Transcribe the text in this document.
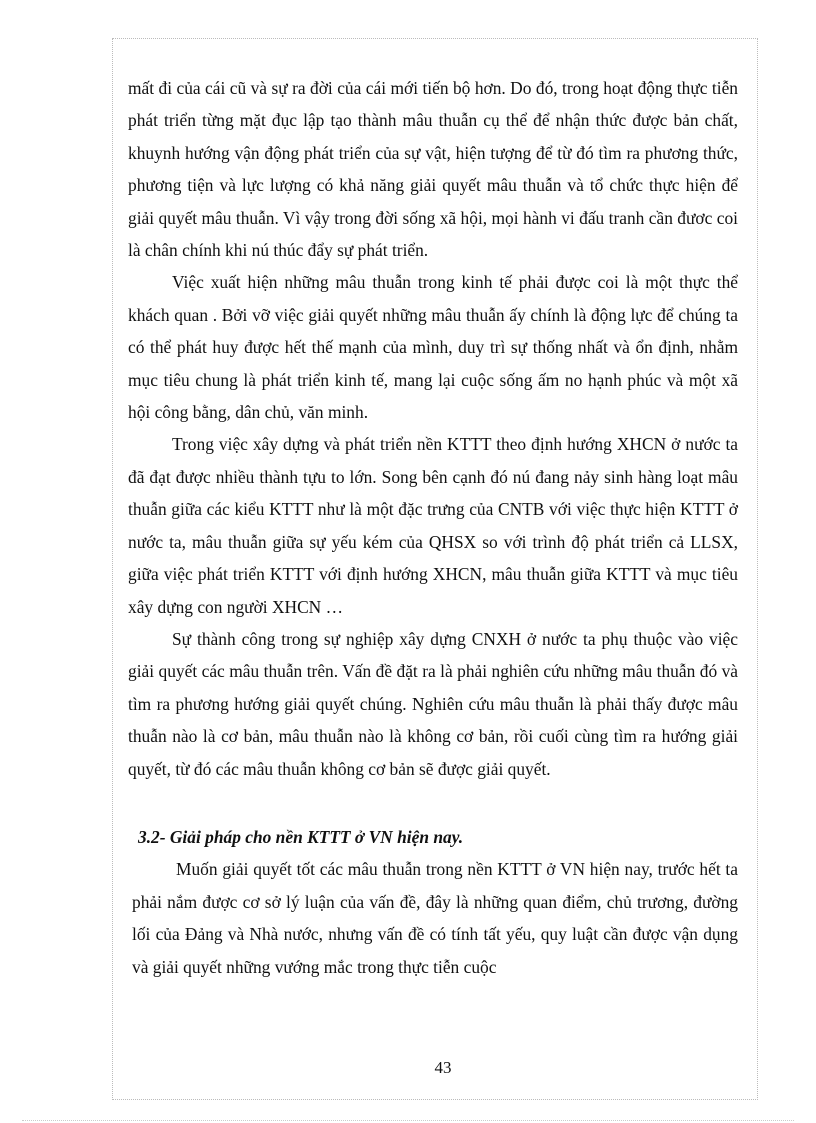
mất đi của cái cũ và sự ra đời của cái mới tiến bộ hơn. Do đó, trong hoạt động thực tiễn phát triển từng mặt đục lập tạo thành mâu thuẫn cụ thể để nhận thức được bản chất, khuynh hướng vận động phát triển của sự vật, hiện tượng để từ đó tìm ra phương thức, phương tiện và lực lượng có khả năng giải quyết mâu thuẫn và tổ chức thực hiện để giải quyết mâu thuẫn. Vì vậy trong đời sống xã hội, mọi hành vi đấu tranh cần đươc coi là chân chính khi nú thúc đẩy sự phát triển.

Việc xuất hiện những mâu thuẫn trong kinh tế phải được coi là một thực thể khách quan . Bởi vỡ việc giải quyết những mâu thuẫn ấy chính là động lực để chúng ta có thể phát huy được hết thế mạnh của mình, duy trì sự thống nhất và ổn định, nhằm mục tiêu chung là phát triển kinh tế, mang lại cuộc sống ấm no hạnh phúc và một xã hội công bằng, dân chủ, văn minh.

Trong việc xây dựng và phát triển nền KTTT theo định hướng XHCN ở nước ta đã đạt được nhiều thành tựu to lớn. Song bên cạnh đó nú đang nảy sinh hàng loạt mâu thuẫn giữa các kiểu KTTT như là một đặc trưng của CNTB với việc thực hiện KTTT ở nước ta, mâu thuẫn giữa sự yếu kém của QHSX so với trình độ phát triển cả LLSX, giữa việc phát triển KTTT với định hướng XHCN, mâu thuẫn giữa KTTT và mục tiêu xây dựng con người XHCN …

Sự thành công trong sự nghiệp xây dựng CNXH ở nước ta phụ thuộc vào việc giải quyết các mâu thuẫn trên. Vấn đề đặt ra là phải nghiên cứu những mâu thuẫn đó và tìm ra phương hướng giải quyết chúng. Nghiên cứu mâu thuẫn là phải thấy được mâu thuẫn nào là cơ bản, mâu thuẫn nào là không cơ bản, rồi cuối cùng tìm ra hướng giải quyết, từ đó các mâu thuẫn không cơ bản sẽ được giải quyết.

3.2- Giải pháp cho nền KTTT ở VN hiện nay.

Muốn giải quyết tốt các mâu thuẫn trong nền KTTT ở VN hiện nay, trước hết ta phải nắm được cơ sở lý luận của vấn đề, đây là những quan điểm, chủ trương, đường lối của Đảng và Nhà nước, nhưng vấn đề có tính tất yếu, quy luật cần được vận dụng và giải quyết những vướng mắc trong thực tiễn cuộc

43
